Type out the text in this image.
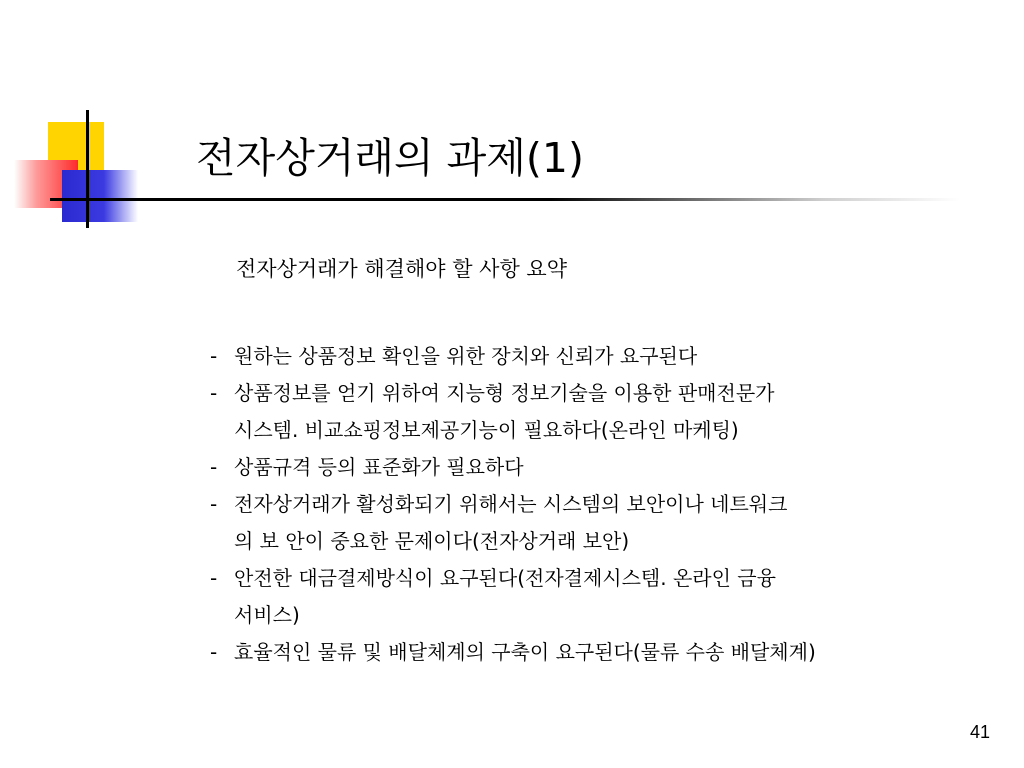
전자상거래의 과제(1)
전자상거래가 해결해야 할 사항 요약
- 원하는 상품정보 확인을 위한 장치와 신뢰가 요구된다
- 상품정보를 얻기 위하여 지능형 정보기술을 이용한 판매전문가
시스템. 비교쇼핑정보제공기능이 필요하다(온라인 마케팅)
- 상품규격 등의 표준화가 필요하다
- 전자상거래가 활성화되기 위해서는 시스템의 보안이나 네트워크
의 보 안이 중요한 문제이다(전자상거래 보안)
- 안전한 대금결제방식이 요구된다(전자결제시스템. 온라인 금융
서비스)
- 효율적인 물류 및 배달체계의 구축이 요구된다(물류 수송 배달체계)
41
